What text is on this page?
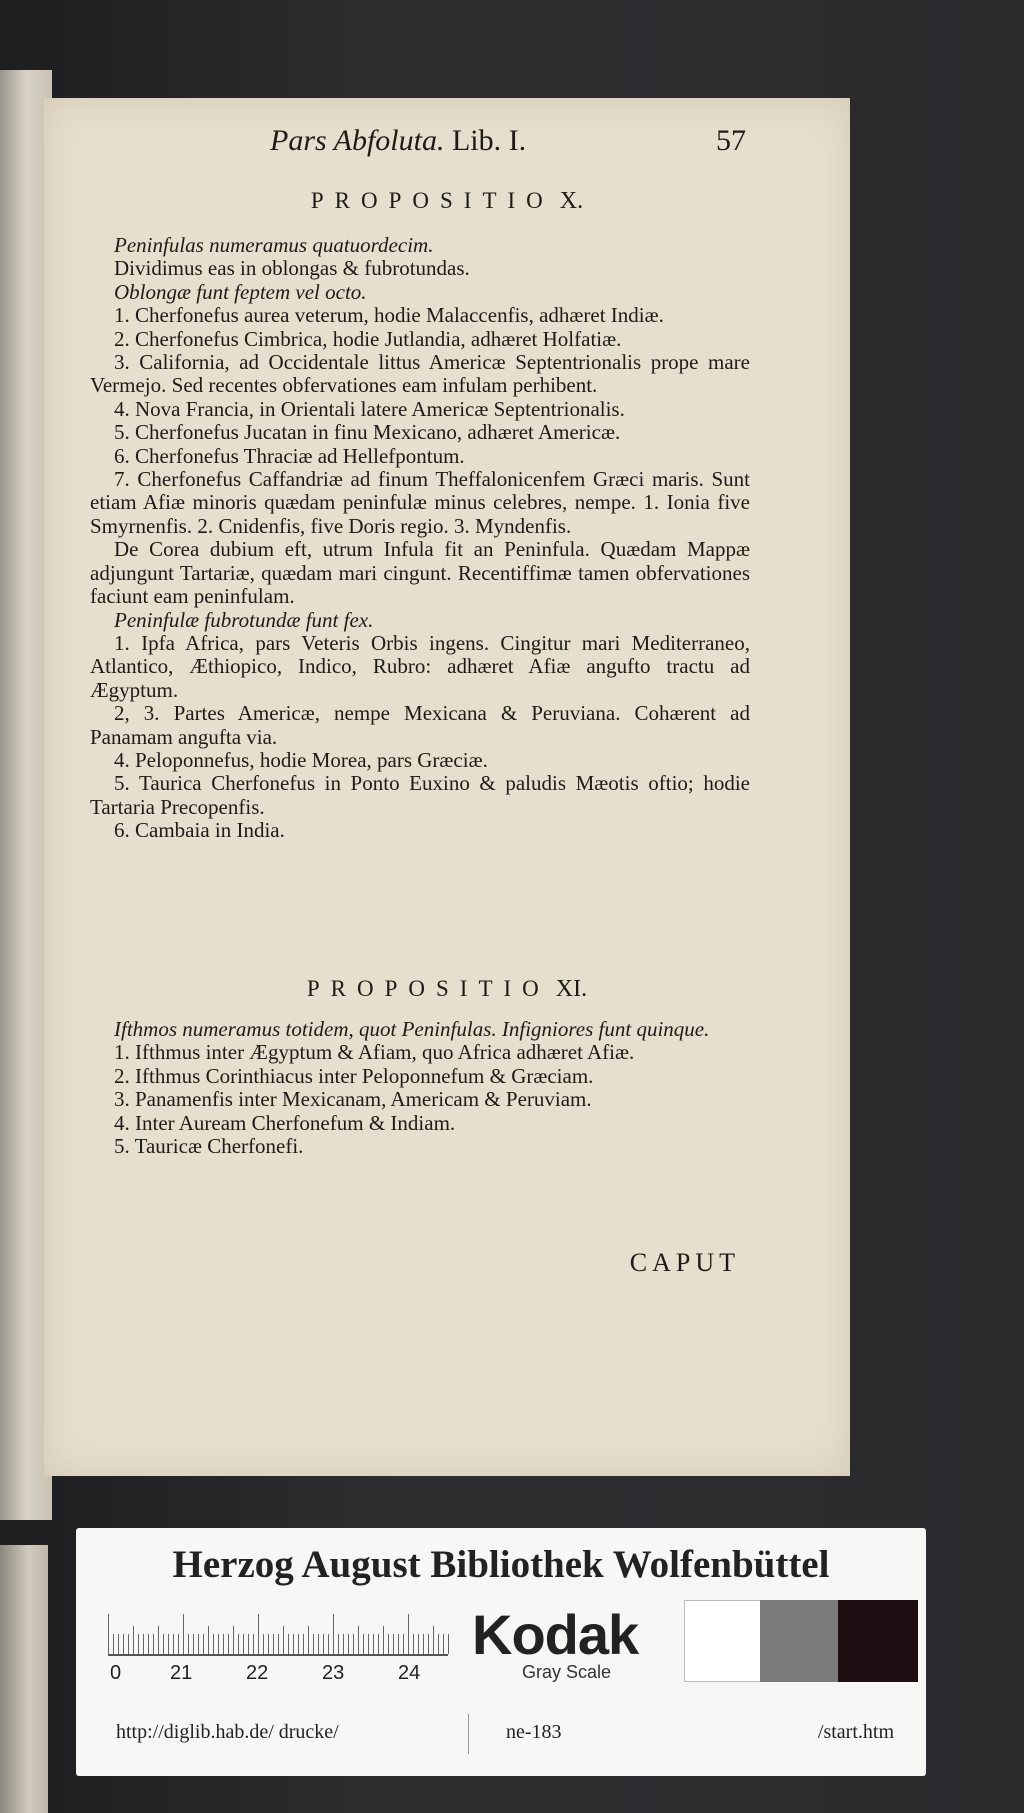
Pars Abfoluta. Lib. I.	57
PROPOSITIO X.

Peninfulas numeramus quatuordecim.

Dividimus eas in oblongas & fubrotundas.

Oblongæ funt feptem vel octo.

1. Cherfonefus aurea veterum, hodie Malaccenfis, adhæret Indiæ.

2. Cherfonefus Cimbrica, hodie Jutlandia, adhæret Holfatiæ.

3. California, ad Occidentale littus Americæ Septentrionalis prope mare Vermejo. Sed recentes obfervationes eam infulam perhibent.

4. Nova Francia, in Orientali latere Americæ Septentrionalis.

5. Cherfonefus Jucatan in finu Mexicano, adhæret Americæ.

6. Cherfonefus Thraciæ ad Hellefpontum.

7. Cherfonefus Caffandriæ ad finum Theffalonicenfem Græci maris. Sunt etiam Afiæ minoris quædam peninfulæ minus celebres, nempe. 1. Ionia five Smyrnenfis. 2. Cnidenfis, five Doris regio. 3. Myndenfis.

De Corea dubium eft, utrum Infula fit an Peninfula. Quædam Mappæ adjungunt Tartariæ, quædam mari cingunt. Recentiffimæ tamen obfervationes faciunt eam peninfulam.

Peninfulæ fubrotundæ funt fex.

1. Ipfa Africa, pars Veteris Orbis ingens. Cingitur mari Mediterraneo, Atlantico, Æthiopico, Indico, Rubro: adhæret Afiæ angufto tractu ad Ægyptum.

2, 3. Partes Americæ, nempe Mexicana & Peruviana. Cohærent ad Panamam angufta via.

4. Peloponnefus, hodie Morea, pars Græciæ.

5. Taurica Cherfonefus in Ponto Euxino & paludis Mæotis oftio; hodie Tartaria Precopenfis.

6. Cambaia in India.

PROPOSITIO XI.

Ifthmos numeramus totidem, quot Peninfulas. Infigniores funt quinque.

1. Ifthmus inter Ægyptum & Afiam, quo Africa adhæret Afiæ.

2. Ifthmus Corinthiacus inter Peloponnefum & Græciam.

3. Panamenfis inter Mexicanam, Americam & Peruviam.

4. Inter Auream Cherfonefum & Indiam.

5. Tauricæ Cherfonefi.

CAPUT
Herzog August Bibliothek Wolfenbüttel
0 21	22	23	24
Kodak
Gray Scale
http://diglib.hab.de/ drucke/	ne-183	/start.htm
